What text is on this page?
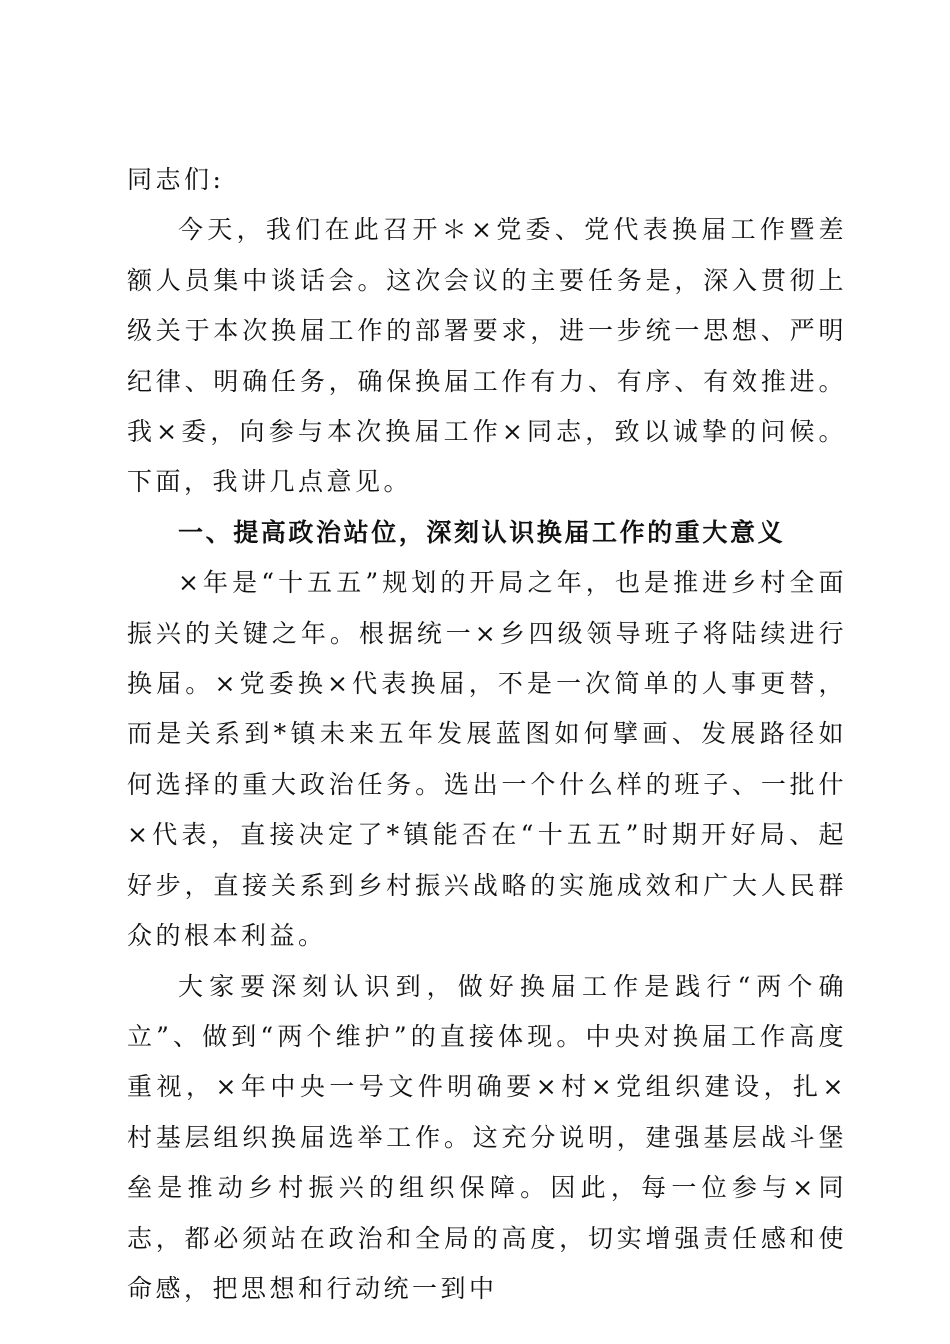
同志们:

今天，我们在此召开＊×党委、党代表换届工作暨差额人员集中谈话会。这次会议的主要任务是，深入贯彻上级关于本次换届工作的部署要求，进一步统一思想、严明纪律、明确任务，确保换届工作有力、有序、有效推进。我×委，向参与本次换届工作×同志，致以诚挚的问候。下面，我讲几点意见。

一、提高政治站位，深刻认识换届工作的重大意义

×年是“十五五”规划的开局之年，也是推进乡村全面振兴的关键之年。根据统一×乡四级领导班子将陆续进行换届。×党委换×代表换届，不是一次简单的人事更替，而是关系到*镇未来五年发展蓝图如何擘画、发展路径如何选择的重大政治任务。选出一个什么样的班子、一批什×代表，直接决定了*镇能否在“十五五”时期开好局、起好步，直接关系到乡村振兴战略的实施成效和广大人民群众的根本利益。

大家要深刻认识到，做好换届工作是践行“两个确立”、做到“两个维护”的直接体现。中央对换届工作高度重视，×年中央一号文件明确要×村×党组织建设，扎×村基层组织换届选举工作。这充分说明，建强基层战斗堡垒是推动乡村振兴的组织保障。因此，每一位参与×同志，都必须站在政治和全局的高度，切实增强责任感和使命感，把思想和行动统一到中
